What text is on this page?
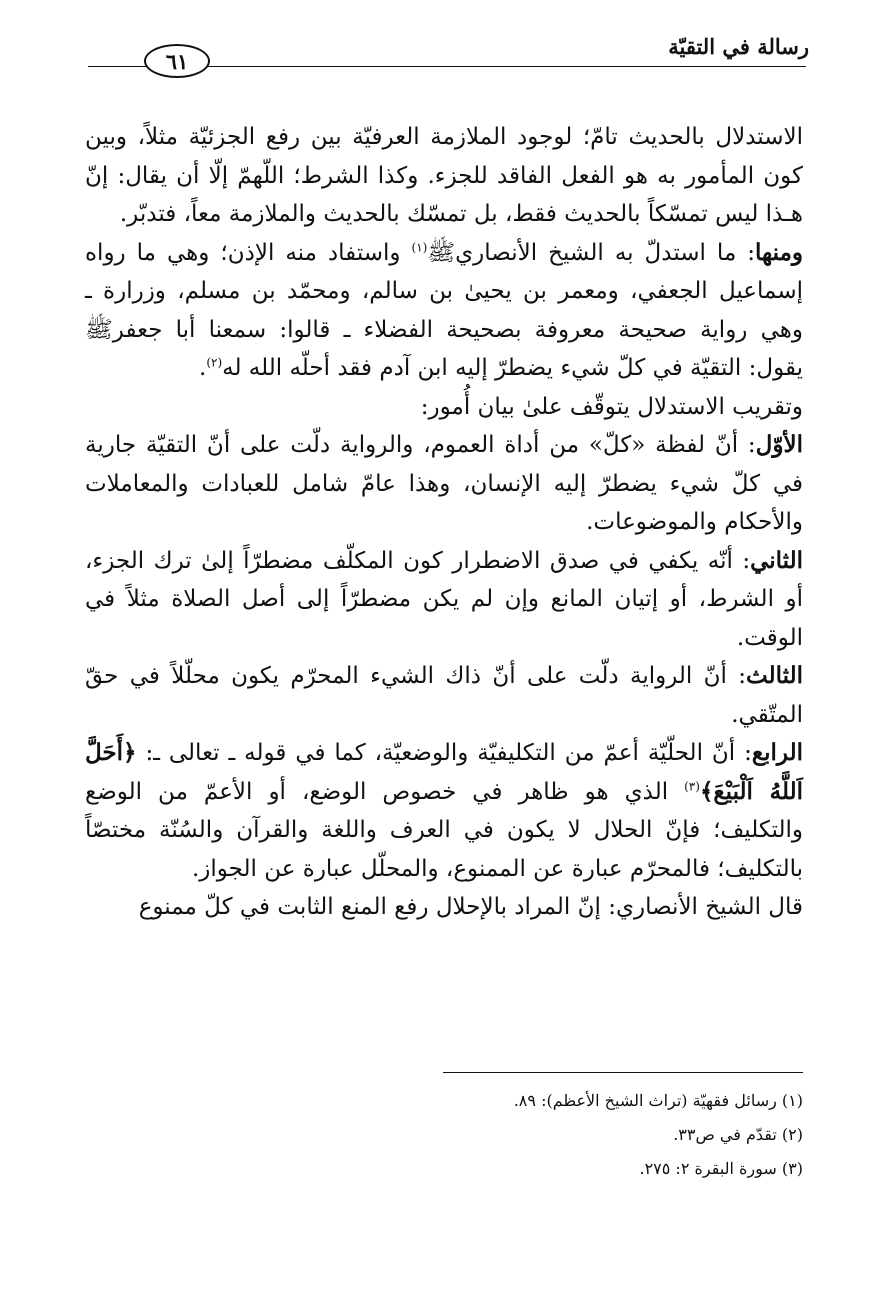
رسالة في التقيّة
٦١

الاستدلال بالحديث تامّ؛ لوجود الملازمة العرفيّة بين رفع الجزئيّة مثلاً، وبين كون المأمور به هو الفعل الفاقد للجزء. وكذا الشرط؛ اللّهمّ إلّا أن يقال: إنّ هـذا ليس تمسّكاً بالحديث فقط، بل تمسّك بالحديث والملازمة معاً، فتدبّر.

ومنها: ما استدلّ به الشيخ الأنصاريﷺ$^{(١)}$ واستفاد منه الإذن؛ وهي ما رواه إسماعيل الجعفي، ومعمر بن يحيىٰ بن سالم، ومحمّد بن مسلم، وزرارة ـ وهي رواية صحيحة معروفة بصحيحة الفضلاء ـ قالوا: سمعنا أبا جعفرﷺ يقول: التقيّة في كلّ شيء يضطرّ إليه ابن آدم فقد أحلّه الله له$^{(٢)}$.

وتقريب الاستدلال يتوقّف علىٰ بيان أُمور:

الأوّل: أنّ لفظة «كلّ» من أداة العموم، والرواية دلّت على أنّ التقيّة جارية في كلّ شيء يضطرّ إليه الإنسان، وهذا عامّ شامل للعبادات والمعاملات والأحكام والموضوعات.

الثاني: أنّه يكفي في صدق الاضطرار كون المكلّف مضطرّاً إلىٰ ترك الجزء، أو الشرط، أو إتيان المانع وإن لم يكن مضطرّاً إلى أصل الصلاة مثلاً في الوقت.

الثالث: أنّ الرواية دلّت على أنّ ذاك الشيء المحرّم يكون محلّلاً في حقّ المتّقي.

الرابع: أنّ الحلّيّة أعمّ من التكليفيّة والوضعيّة، كما في قوله ـ تعالى ـ: ﴿أَحَلَّ اَللَّهُ اَلْبَيْعَ﴾$^{(٣)}$ الذي هو ظاهر في خصوص الوضع، أو الأعمّ من الوضع والتكليف؛ فإنّ الحلال لا يكون في العرف واللغة والقرآن والسُنّة مختصّاً بالتكليف؛ فالمحرّم عبارة عن الممنوع، والمحلّل عبارة عن الجواز.

قال الشيخ الأنصاري: إنّ المراد بالإحلال رفع المنع الثابت في كلّ ممنوع

(١) رسائل فقهيّة (تراث الشيخ الأعظم): ٨٩.
(٢) تقدّم في ص٣٣.
(٣) سورة البقرة ٢: ٢٧٥.
